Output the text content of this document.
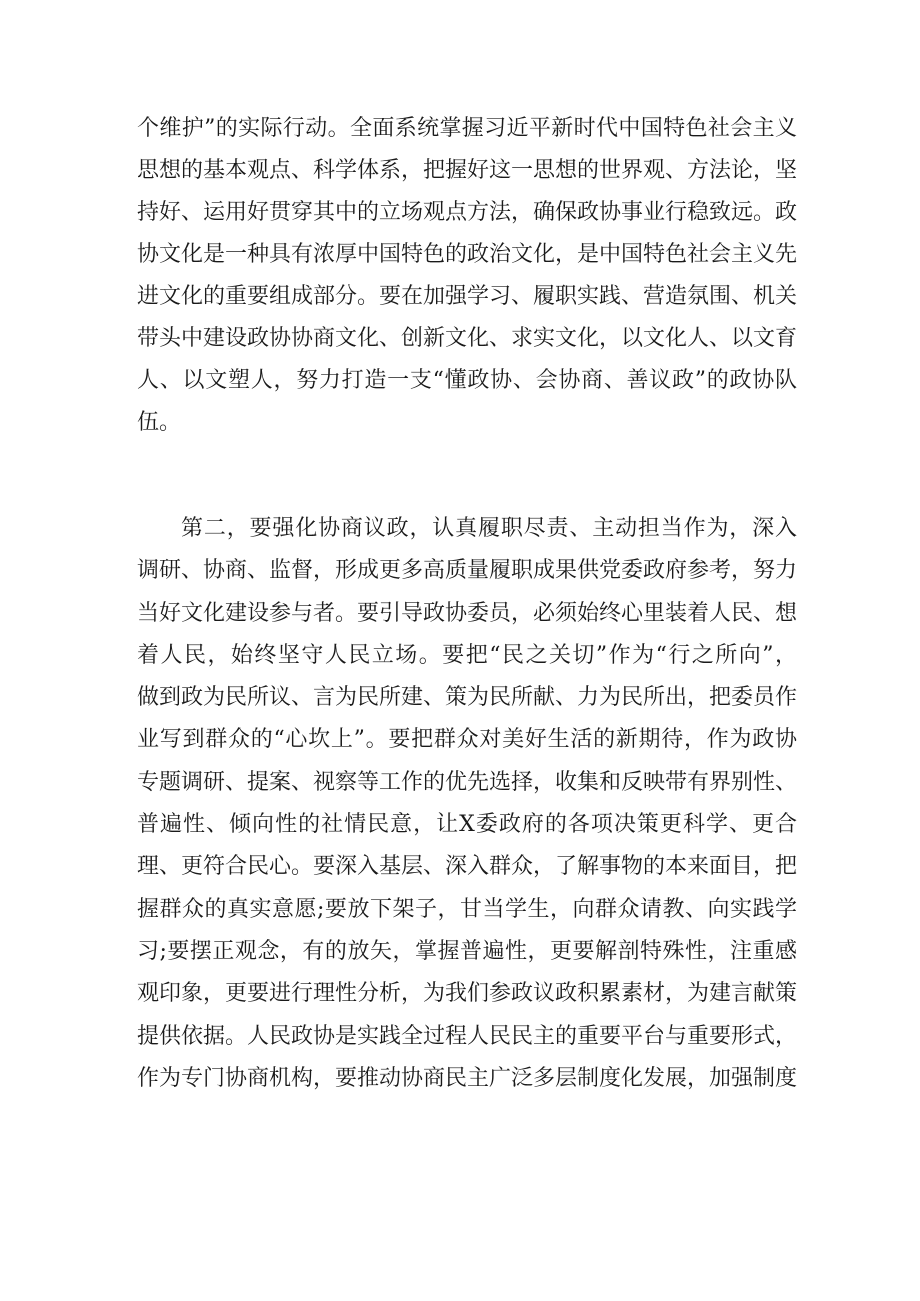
个维护”的实际行动。全面系统掌握习近平新时代中国特色社会主义
思想的基本观点、科学体系，把握好这一思想的世界观、方法论，坚
持好、运用好贯穿其中的立场观点方法，确保政协事业行稳致远。政
协文化是一种具有浓厚中国特色的政治文化，是中国特色社会主义先
进文化的重要组成部分。要在加强学习、履职实践、营造氛围、机关
带头中建设政协协商文化、创新文化、求实文化，以文化人、以文育
人、以文塑人，努力打造一支“懂政协、会协商、善议政”的政协队
伍。
第二，要强化协商议政，认真履职尽责、主动担当作为，深入
调研、协商、监督，形成更多高质量履职成果供党委政府参考，努力
当好文化建设参与者。要引导政协委员，必须始终心里装着人民、想
着人民，始终坚守人民立场。要把“民之关切”作为“行之所向”，
做到政为民所议、言为民所建、策为民所献、力为民所出，把委员作
业写到群众的“心坎上”。要把群众对美好生活的新期待，作为政协
专题调研、提案、视察等工作的优先选择，收集和反映带有界别性、
普遍性、倾向性的社情民意，让X委政府的各项决策更科学、更合
理、更符合民心。要深入基层、深入群众，了解事物的本来面目，把
握群众的真实意愿;要放下架子，甘当学生，向群众请教、向实践学
习;要摆正观念，有的放矢，掌握普遍性，更要解剖特殊性，注重感
观印象，更要进行理性分析，为我们参政议政积累素材，为建言献策
提供依据。人民政协是实践全过程人民民主的重要平台与重要形式，
作为专门协商机构，要推动协商民主广泛多层制度化发展，加强制度
